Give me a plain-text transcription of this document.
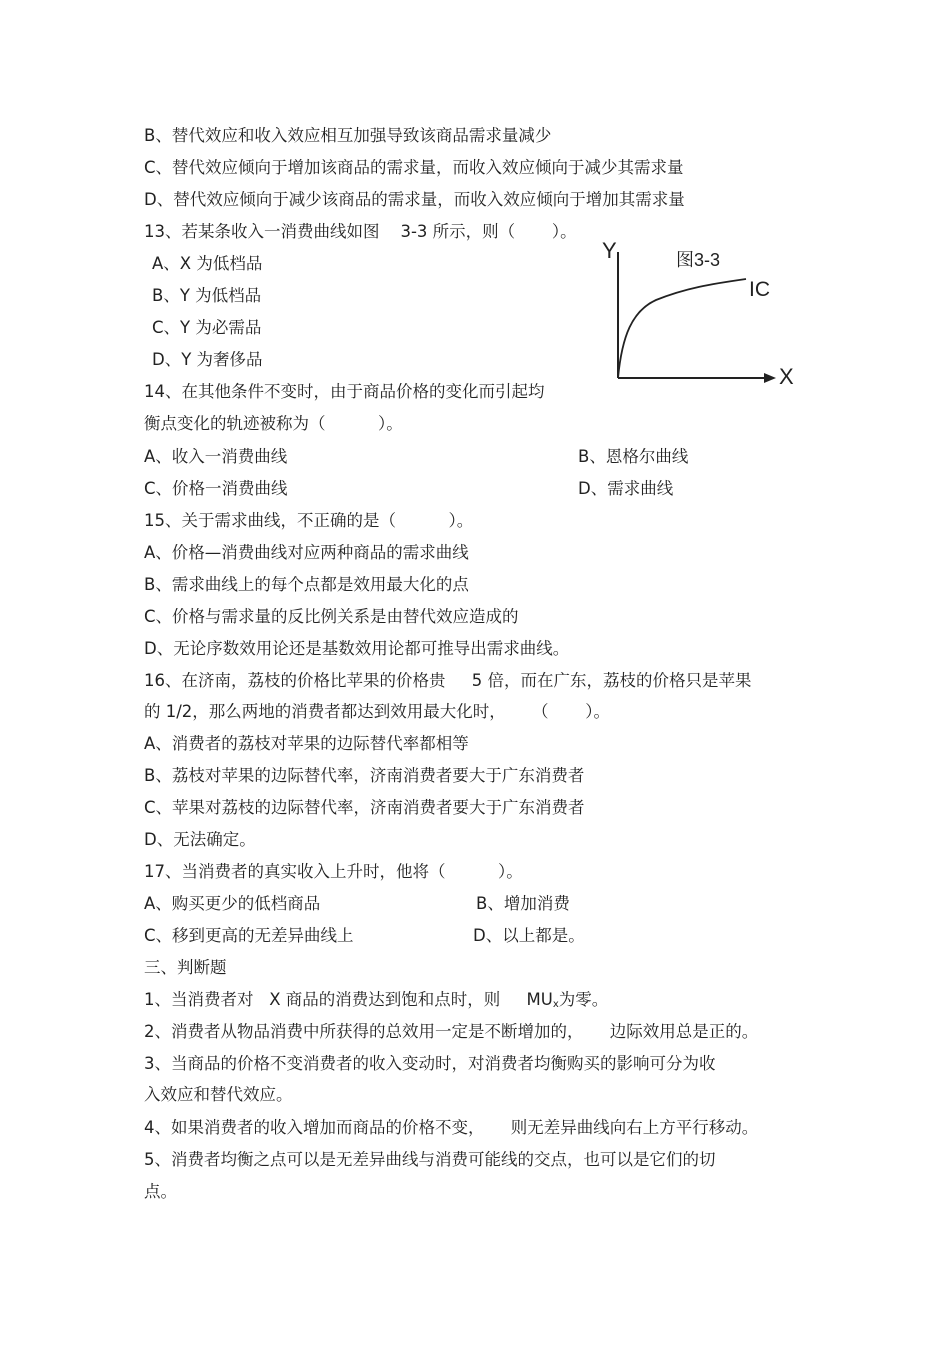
B、替代效应和收入效应相互加强导致该商品需求量减少
C、替代效应倾向于增加该商品的需求量，而收入效应倾向于减少其需求量
D、替代效应倾向于减少该商品的需求量，而收入效应倾向于增加其需求量
13、若某条收入一消费曲线如图    3-3 所示，则（       ）。
A、X 为低档品
B、Y 为低档品
C、Y 为必需品
D、Y 为奢侈品
Y	图3-3
IC
X
14、在其他条件不变时，由于商品价格的变化而引起均
衡点变化的轨迹被称为（          ）。
A、收入一消费曲线	B、恩格尔曲线
C、价格一消费曲线	D、需求曲线
15、关于需求曲线，不正确的是（          ）。
A、价格—消费曲线对应两种商品的需求曲线
B、需求曲线上的每个点都是效用最大化的点
C、价格与需求量的反比例关系是由替代效应造成的
D、无论序数效用论还是基数效用论都可推导出需求曲线。
16、在济南，荔枝的价格比苹果的价格贵     5 倍，而在广东，荔枝的价格只是苹果
的 1/2，那么两地的消费者都达到效用最大化时，     （       ）。
A、消费者的荔枝对苹果的边际替代率都相等
B、荔枝对苹果的边际替代率，济南消费者要大于广东消费者
C、苹果对荔枝的边际替代率，济南消费者要大于广东消费者
D、无法确定。
17、当消费者的真实收入上升时，他将（          ）。
A、购买更少的低档商品	B、增加消费
C、移到更高的无差异曲线上	D、以上都是。
三、判断题
1、当消费者对   X 商品的消费达到饱和点时，则     $MU_x$为零。
2、消费者从物品消费中所获得的总效用一定是不断增加的，     边际效用总是正的。
3、当商品的价格不变消费者的收入变动时，对消费者均衡购买的影响可分为收
入效应和替代效应。
4、如果消费者的收入增加而商品的价格不变，     则无差异曲线向右上方平行移动。
5、消费者均衡之点可以是无差异曲线与消费可能线的交点，也可以是它们的切
点。
